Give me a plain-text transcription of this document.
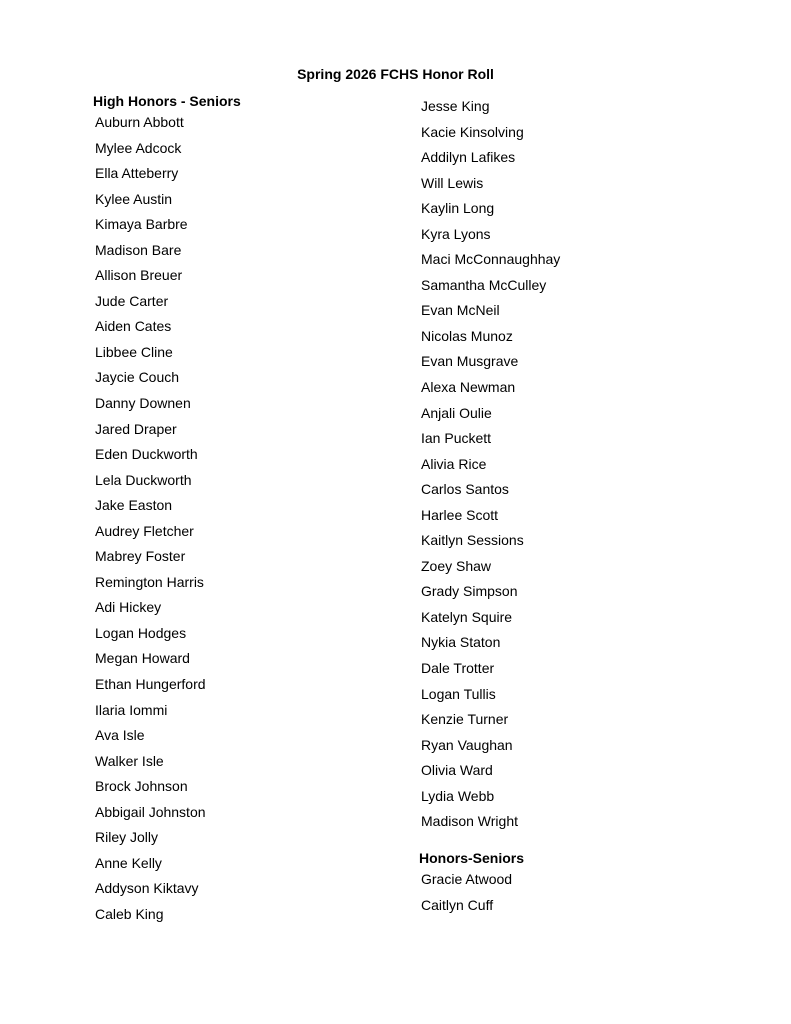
Spring 2026 FCHS Honor Roll
High Honors - Seniors
Auburn Abbott
Mylee Adcock
Ella Atteberry
Kylee Austin
Kimaya Barbre
Madison Bare
Allison Breuer
Jude Carter
Aiden Cates
Libbee Cline
Jaycie Couch
Danny Downen
Jared Draper
Eden Duckworth
Lela Duckworth
Jake Easton
Audrey Fletcher
Mabrey Foster
Remington Harris
Adi Hickey
Logan Hodges
Megan Howard
Ethan Hungerford
Ilaria Iommi
Ava Isle
Walker Isle
Brock Johnson
Abbigail Johnston
Riley Jolly
Anne Kelly
Addyson Kiktavy
Caleb King
Jesse King
Kacie Kinsolving
Addilyn Lafikes
Will Lewis
Kaylin Long
Kyra Lyons
Maci McConnaughhay
Samantha McCulley
Evan McNeil
Nicolas Munoz
Evan Musgrave
Alexa Newman
Anjali Oulie
Ian Puckett
Alivia Rice
Carlos Santos
Harlee Scott
Kaitlyn Sessions
Zoey Shaw
Grady Simpson
Katelyn Squire
Nykia Staton
Dale Trotter
Logan Tullis
Kenzie Turner
Ryan Vaughan
Olivia Ward
Lydia Webb
Madison Wright
Honors-Seniors
Gracie Atwood
Caitlyn Cuff
